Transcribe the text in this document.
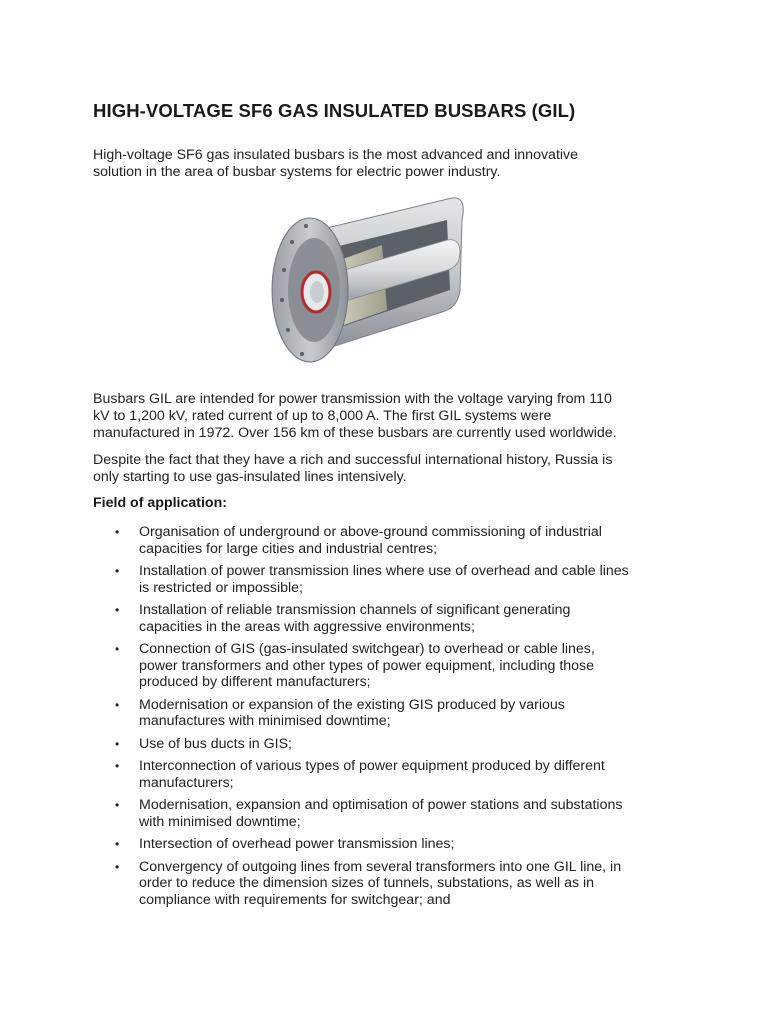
HIGH-VOLTAGE SF6 GAS INSULATED BUSBARS (GIL)

High-voltage SF6 gas insulated busbars is the most advanced and innovative
solution in the area of busbar systems for electric power industry.

Busbars GIL are intended for power transmission with the voltage varying from 110
kV to 1,200 kV, rated current of up to 8,000 A. The first GIL systems were
manufactured in 1972. Over 156 km of these busbars are currently used worldwide.

Despite the fact that they have a rich and successful international history, Russia is
only starting to use gas-insulated lines intensively.

Field of application:
• Organisation of underground or above-ground commissioning of industrial
capacities for large cities and industrial centres;
• Installation of power transmission lines where use of overhead and cable lines
is restricted or impossible;
• Installation of reliable transmission channels of significant generating
capacities in the areas with aggressive environments;
• Connection of GIS (gas-insulated switchgear) to overhead or cable lines,
power transformers and other types of power equipment, including those
produced by different manufacturers;
• Modernisation or expansion of the existing GIS produced by various
manufactures with minimised downtime;
• Use of bus ducts in GIS;
• Interconnection of various types of power equipment produced by different
manufacturers;
• Modernisation, expansion and optimisation of power stations and substations
with minimised downtime;
• Intersection of overhead power transmission lines;
• Convergency of outgoing lines from several transformers into one GIL line, in
order to reduce the dimension sizes of tunnels, substations, as well as in
compliance with requirements for switchgear; and
